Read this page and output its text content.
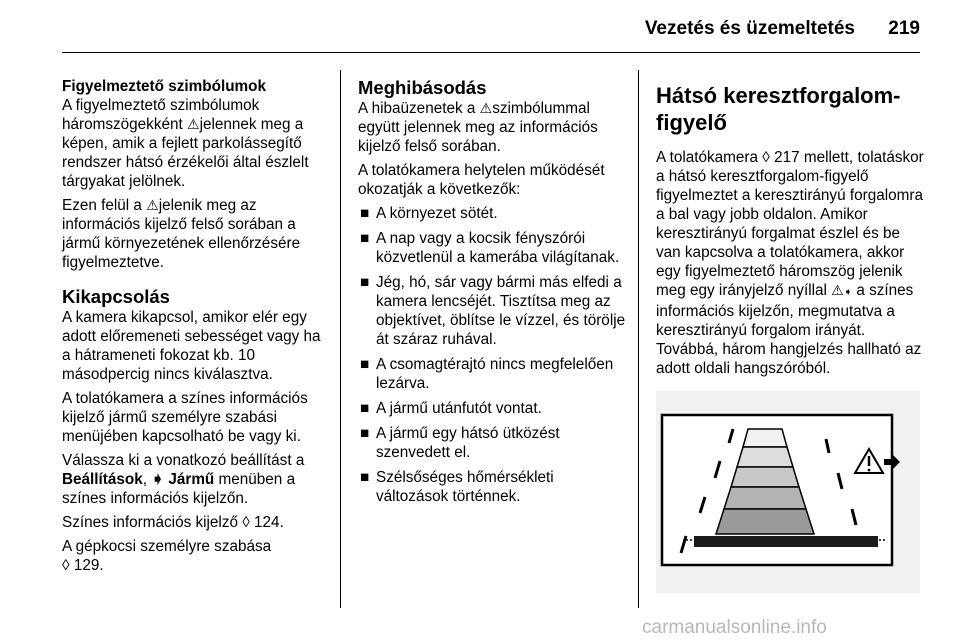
Vezetés és üzemeltetés	219
Figyelmeztető szimbólumok

A figyelmeztető szimbólumok háromszögekként ⚠jelennek meg a képen, amik a fejlett parkolássegítő rendszer hátsó érzékelői által észlelt tárgyakat jelölnek.

Ezen felül a ⚠jelenik meg az információs kijelző felső sorában a jármű környezetének ellenőrzésére figyelmeztetve.

Kikapcsolás

A kamera kikapcsol, amikor elér egy adott előremeneti sebességet vagy ha a hátrameneti fokozat kb. 10 másodpercig nincs kiválasztva.

A tolatókamera a színes információs kijelző jármű személyre szabási menüjében kapcsolható be vagy ki.

Válassza ki a vonatkozó beállítást a Beállítások, ➧ Jármű menüben a színes információs kijelzőn.

Színes információs kijelző ◊ 124.

A gépkocsi személyre szabása
◊ 129.

Meghibásodás

A hibaüzenetek a ⚠szimbólummal együtt jelennek meg az információs kijelző felső sorában.

A tolatókamera helytelen működését okozatják a következők:

■ A környezet sötét.
■ A nap vagy a kocsik fényszórói közvetlenül a kamerába világítanak.
■ Jég, hó, sár vagy bármi más elfedi a kamera lencséjét. Tisztítsa meg az objektívet, öblítse le vízzel, és törölje át száraz ruhával.
■ A csomagtérajtó nincs megfelelően lezárva.
■ A jármű utánfutót vontat.
■ A jármű egy hátsó ütközést szenvedett el.
■ Szélsőséges hőmérsékleti változások történnek.
Hátsó keresztforgalom-figyelő

A tolatókamera ◊ 217 mellett, tolatáskor a hátsó keresztforgalom-figyelő figyelmeztet a keresztirányú forgalomra a bal vagy jobb oldalon. Amikor keresztirányú forgalmat észlel és be van kapcsolva a tolatókamera, akkor egy figyelmeztető háromszög jelenik meg egy irányjelző nyíllal ⚠➧ a színes információs kijelzőn, megmutatva a keresztirányú forgalom irányát. Továbbá, három hangjelzés hallható az adott oldali hangszóróból.

carmanualsonline.info
